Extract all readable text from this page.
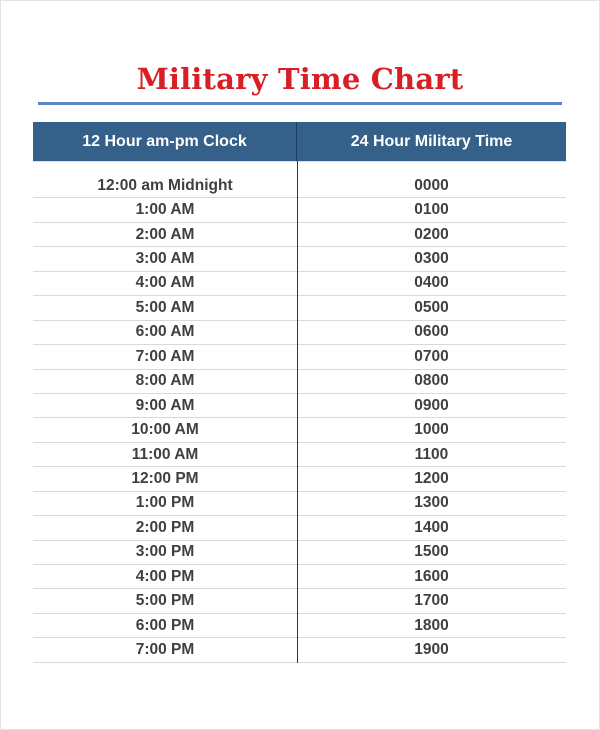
Military Time Chart
12 Hour am-pm Clock	24 Hour Military Time
12:00 am Midnight	0000
1:00 AM	0100
2:00 AM	0200
3:00 AM	0300
4:00 AM	0400
5:00 AM	0500
6:00 AM	0600
7:00 AM	0700
8:00 AM	0800
9:00 AM	0900
10:00 AM	1000
11:00 AM	1100
12:00 PM	1200
1:00 PM	1300
2:00 PM	1400
3:00 PM	1500
4:00 PM	1600
5:00 PM	1700
6:00 PM	1800
7:00 PM	1900
